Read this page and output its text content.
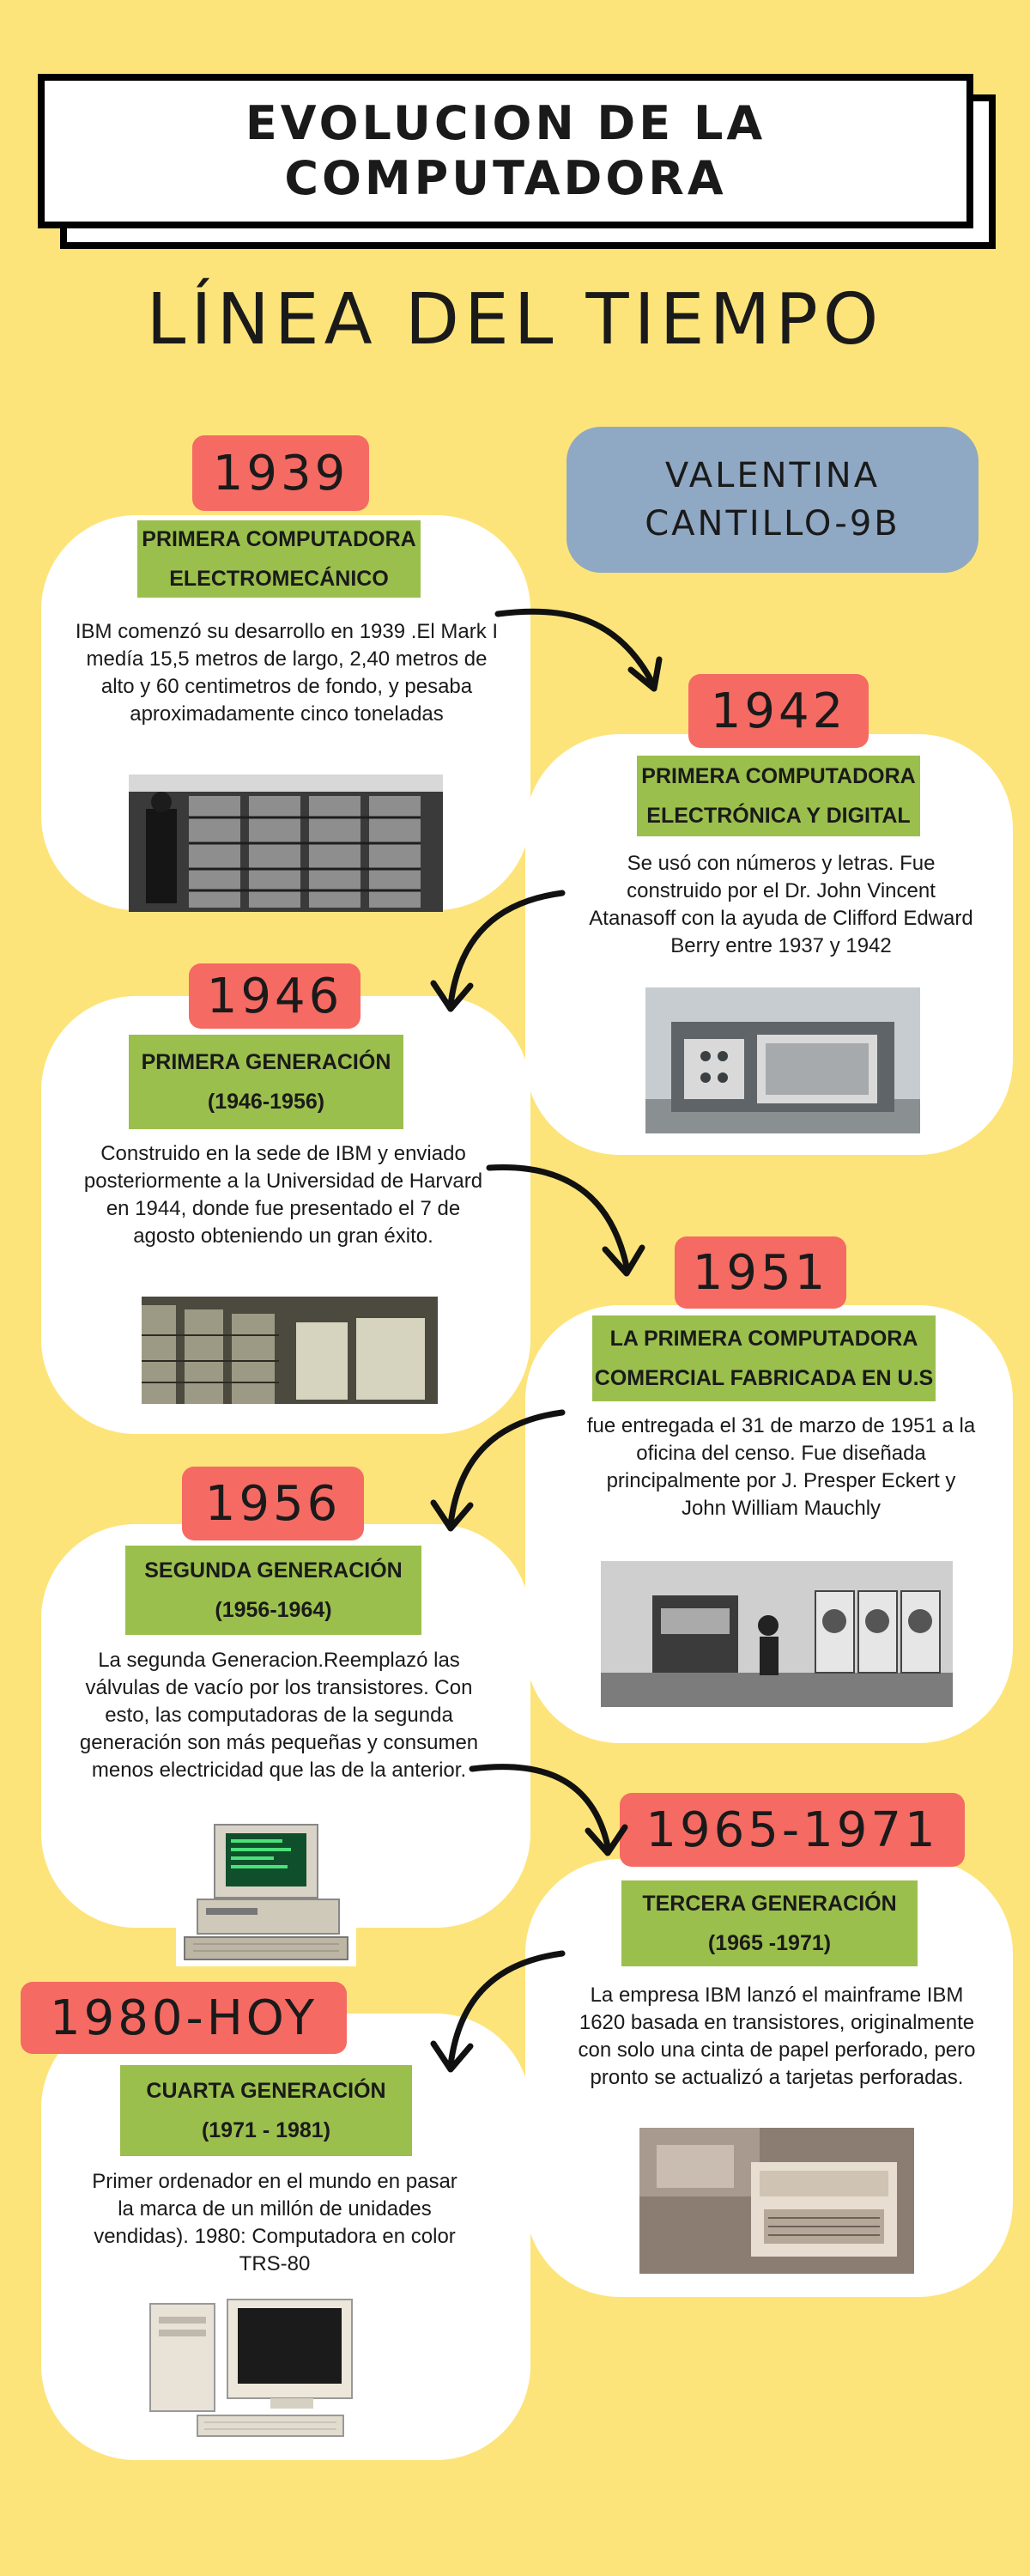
EVOLUCION DE LA
COMPUTADORA
LÍNEA DEL TIEMPO
VALENTINA
CANTILLO-9B
1939
PRIMERA COMPUTADORA
ELECTROMECÁNICO
IBM comenzó su desarrollo en 1939 .El Mark I medía 15,5 metros de largo, 2,40 metros de alto y 60 centimetros de fondo, y pesaba aproximadamente cinco toneladas	1942
PRIMERA COMPUTADORA
ELECTRÓNICA Y DIGITAL
Se usó con números y letras. Fue construido por el Dr. John Vincent Atanasoff con la ayuda de Clifford Edward Berry entre 1937 y 1942
1946
PRIMERA GENERACIÓN
(1946-1956)
Construido en la sede de IBM y enviado posteriormente a la Universidad de Harvard en 1944, donde fue presentado el 7 de agosto obteniendo un gran éxito.
1951
LA PRIMERA COMPUTADORA
COMERCIAL FABRICADA EN U.S
fue entregada el 31 de marzo de 1951 a la oficina del censo. Fue diseñada principalmente por J. Presper Eckert y John William Mauchly
1956
SEGUNDA GENERACIÓN
(1956-1964)
La segunda Generacion.Reemplazó las válvulas de vacío por los transistores. Con esto, las computadoras de la segunda generación son más pequeñas y consumen menos electricidad que las de la anterior.
1965-1971
TERCERA GENERACIÓN
(1965 -1971)
La empresa IBM lanzó el mainframe IBM 1620 basada en transistores, originalmente con solo una cinta de papel perforado, pero pronto se actualizó a tarjetas perforadas.
1980-HOY
CUARTA GENERACIÓN
(1971 - 1981)
Primer ordenador en el mundo en pasar la marca de un millón de unidades vendidas). 1980: Computadora en color TRS-80
